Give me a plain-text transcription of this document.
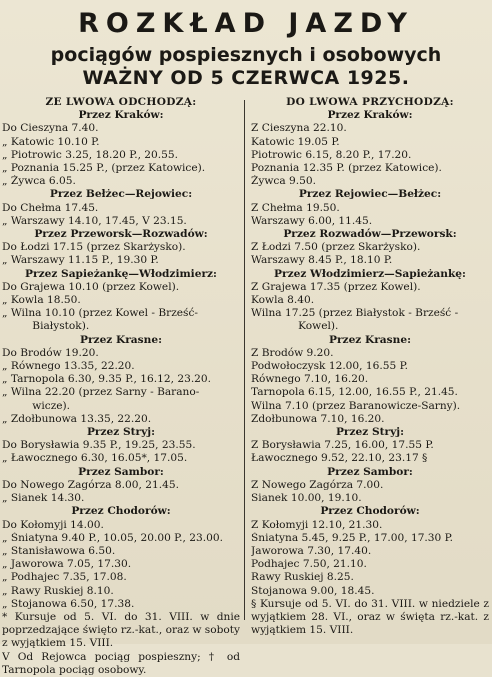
ROZKŁAD JAZDY
pociągów pospiesznych i osobowych
WAŻNY OD 5 CZERWCA 1925.
ZE LWOWA ODCHODZĄ:
Przez Kraków:
Do Cieszyna 7.40.
„ Katowic 10.10 P.
„ Piotrowic 3.25, 18.20 P., 20.55.
„ Poznania 15.25 P., (przez Katowice).
„ Żywca 6.05.
Przez Bełżec—Rejowiec:
Do Chełma 17.45.
„ Warszawy 14.10, 17.45, V 23.15.
Przez Przeworsk—Rozwadów:
Do Łodzi 17.15 (przez Skarżysko).
„ Warszawy 11.15 P., 19.30 P.
Przez Sapieżankę—Włodzimierz:
Do Grajewa 10.10 (przez Kowel).
„ Kowla 18.50.
„ Wilna 10.10 (przez Kowel - Brześć-
Białystok).
Przez Krasne:
Do Brodów 19.20.
„ Równego 13.35, 22.20.
„ Tarnopola 6.30, 9.35 P., 16.12, 23.20.
„ Wilna 22.20 (przez Sarny - Barano-
wicze).
„ Zdołbunowa 13.35, 22.20.
Przez Stryj:
Do Borysławia 9.35 P., 19.25, 23.55.
„ Ławocznego 6.30, 16.05*, 17.05.
Przez Sambor:
Do Nowego Zagórza 8.00, 21.45.
„ Sianek 14.30.
Przez Chodorów:
Do Kołomyji 14.00.
„ Śniatyna 9.40 P., 10.05, 20.00 P., 23.00.
„ Stanisławowa 6.50.
„ Jaworowa 7.05, 17.30.
„ Podhajec 7.35, 17.08.
„ Rawy Ruskiej 8.10.
„ Stojanowa 6.50, 17.38.
* Kursuje od 5. VI. do 31. VIII. w dnie poprzedzające święto rz.-kat., oraz w soboty z wyjątkiem 15. VIII.
V Od Rejowca pociąg pospieszny; † od Tarnopola pociąg osobowy.
DO LWOWA PRZYCHODZĄ:
Przez Kraków:
Z Cieszyna 22.10.
Katowic 19.05 P.
Piotrowic 6.15, 8.20 P., 17.20.
Poznania 12.35 P. (przez Katowice).
Żywca 9.50.
Przez Rejowiec—Bełżec:
Z Chełma 19.50.
Warszawy 6.00, 11.45.
Przez Rozwadów—Przeworsk:
Z Łodzi 7.50 (przez Skarżysko).
Warszawy 8.45 P., 18.10 P.
Przez Włodzimierz—Sapieżankę:
Z Grajewa 17.35 (przez Kowel).
Kowla 8.40.
Wilna 17.25 (przez Białystok - Brześć -
Kowel).
Przez Krasne:
Z Brodów 9.20.
Podwołoczysk 12.00, 16.55 P.
Równego 7.10, 16.20.
Tarnopola 6.15, 12.00, 16.55 P., 21.45.
Wilna 7.10 (przez Baranowicze-Sarny).
Zdołbunowa 7.10, 16.20.
Przez Stryj:
Z Borysławia 7.25, 16.00, 17.55 P.
Ławocznego 9.52, 22.10, 23.17 §
Przez Sambor:
Z Nowego Zagórza 7.00.
Sianek 10.00, 19.10.
Przez Chodorów:
Z Kołomyji 12.10, 21.30.
Śniatyna 5.45, 9.25 P., 17.00, 17.30 P.
Jaworowa 7.30, 17.40.
Podhajec 7.50, 21.10.
Rawy Ruskiej 8.25.
Stojanowa 9.00, 18.45.
§ Kursuje od 5. VI. do 31. VIII. w niedziele z wyjątkiem 28. VI., oraz w święta rz.-kat. z wyjątkiem 15. VIII.
